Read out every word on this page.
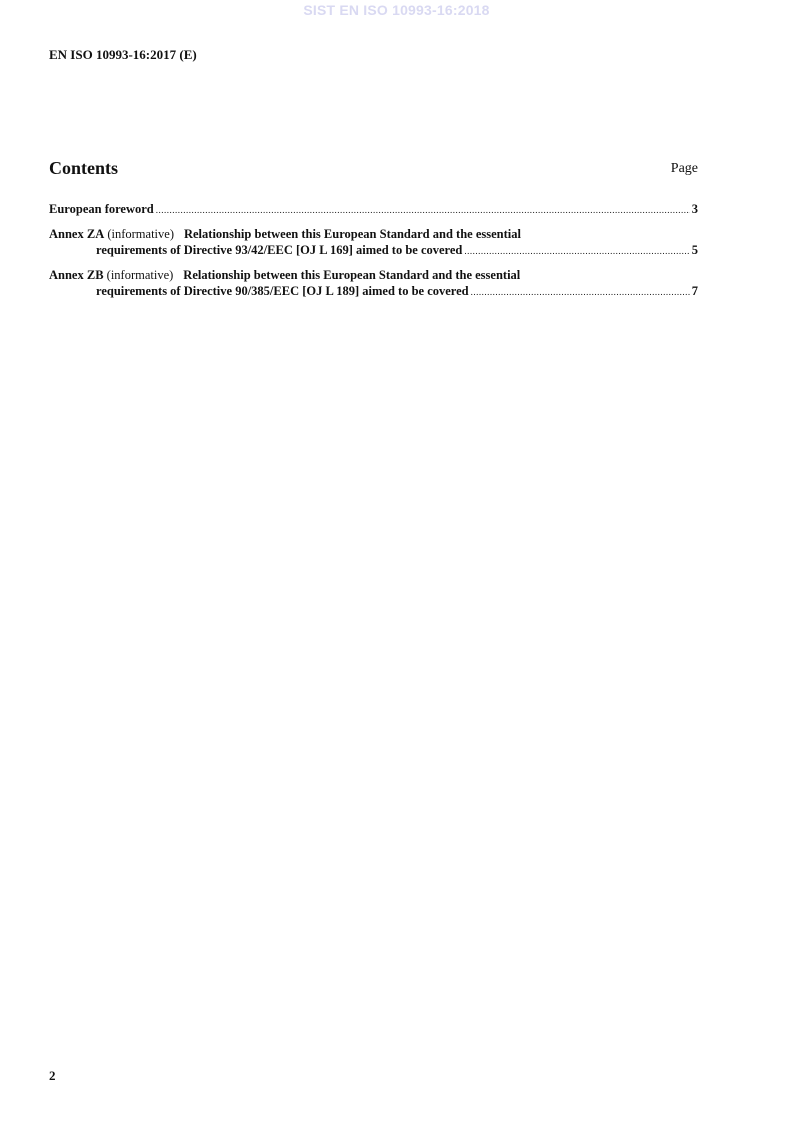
SIST EN ISO 10993-16:2018
EN ISO 10993-16:2017 (E)
Contents	Page
European foreword .....	3
Annex ZA
(informative) Relationship between this European Standard and the essential
requirements of Directive 93/42/EEC [OJ L 169] aimed to be covered .....	5
Annex ZB
(informative) Relationship between this European Standard and the essential
requirements of Directive 90/385/EEC [OJ L 189] aimed to be covered .....	7
2
